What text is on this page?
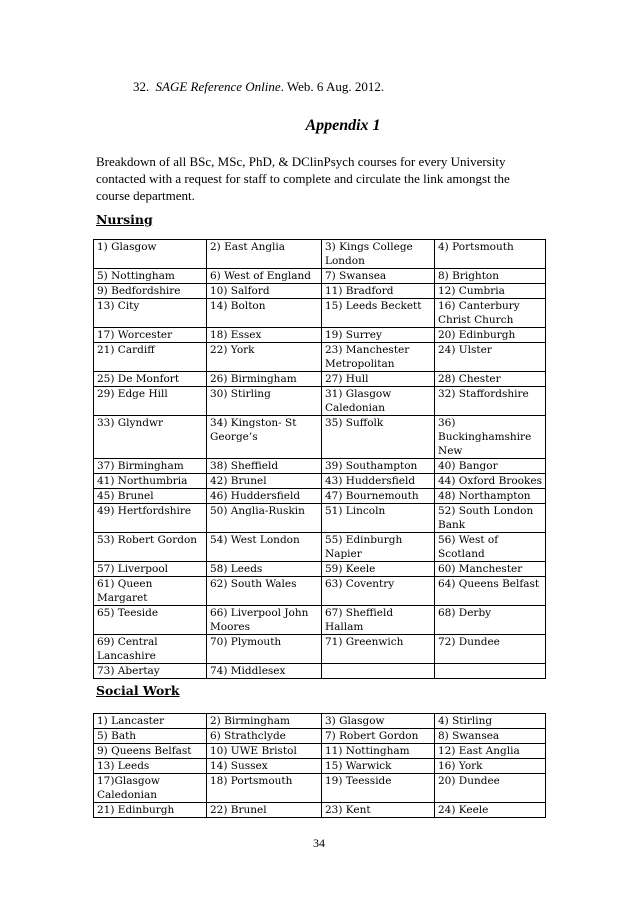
32. SAGE Reference Online. Web. 6 Aug. 2012.
Appendix 1
Breakdown of all BSc, MSc, PhD, & DClinPsych courses for every University contacted with a request for staff to complete and circulate the link amongst the course department.
Nursing
1) Glasgow	2) East Anglia	3) Kings College London	4) Portsmouth
5) Nottingham	6) West of England	7) Swansea	8) Brighton
9) Bedfordshire	10) Salford	11) Bradford	12) Cumbria
13) City	14) Bolton	15) Leeds Beckett	16) Canterbury Christ Church
17) Worcester	18) Essex	19) Surrey	20) Edinburgh
21) Cardiff	22) York	23) Manchester Metropolitan	24) Ulster
25) De Monfort	26) Birmingham	27) Hull	28) Chester
29) Edge Hill	30) Stirling	31) Glasgow Caledonian	32) Staffordshire
33) Glyndwr	34) Kingston- St George’s	35) Suffolk	36) Buckinghamshire New
37) Birmingham	38) Sheffield	39) Southampton	40) Bangor
41) Northumbria	42) Brunel	43) Huddersfield	44) Oxford Brookes
45) Brunel	46) Huddersfield	47) Bournemouth	48) Northampton
49) Hertfordshire	50) Anglia-Ruskin	51) Lincoln	52) South London Bank
53) Robert Gordon	54) West London	55) Edinburgh Napier	56) West of Scotland
57) Liverpool	58) Leeds	59) Keele	60) Manchester
61) Queen Margaret	62) South Wales	63) Coventry	64) Queens Belfast
65) Teeside	66) Liverpool John Moores	67) Sheffield Hallam	68) Derby
69) Central Lancashire	70) Plymouth	71) Greenwich	72) Dundee
73) Abertay	74) Middlesex		
Social Work
1) Lancaster	2) Birmingham	3) Glasgow	4) Stirling
5) Bath	6) Strathclyde	7) Robert Gordon	8) Swansea
9) Queens Belfast	10) UWE Bristol	11) Nottingham	12) East Anglia
13) Leeds	14) Sussex	15) Warwick	16) York
17)Glasgow Caledonian	18) Portsmouth	19) Teesside	20) Dundee
21) Edinburgh	22) Brunel	23) Kent	24) Keele
34
